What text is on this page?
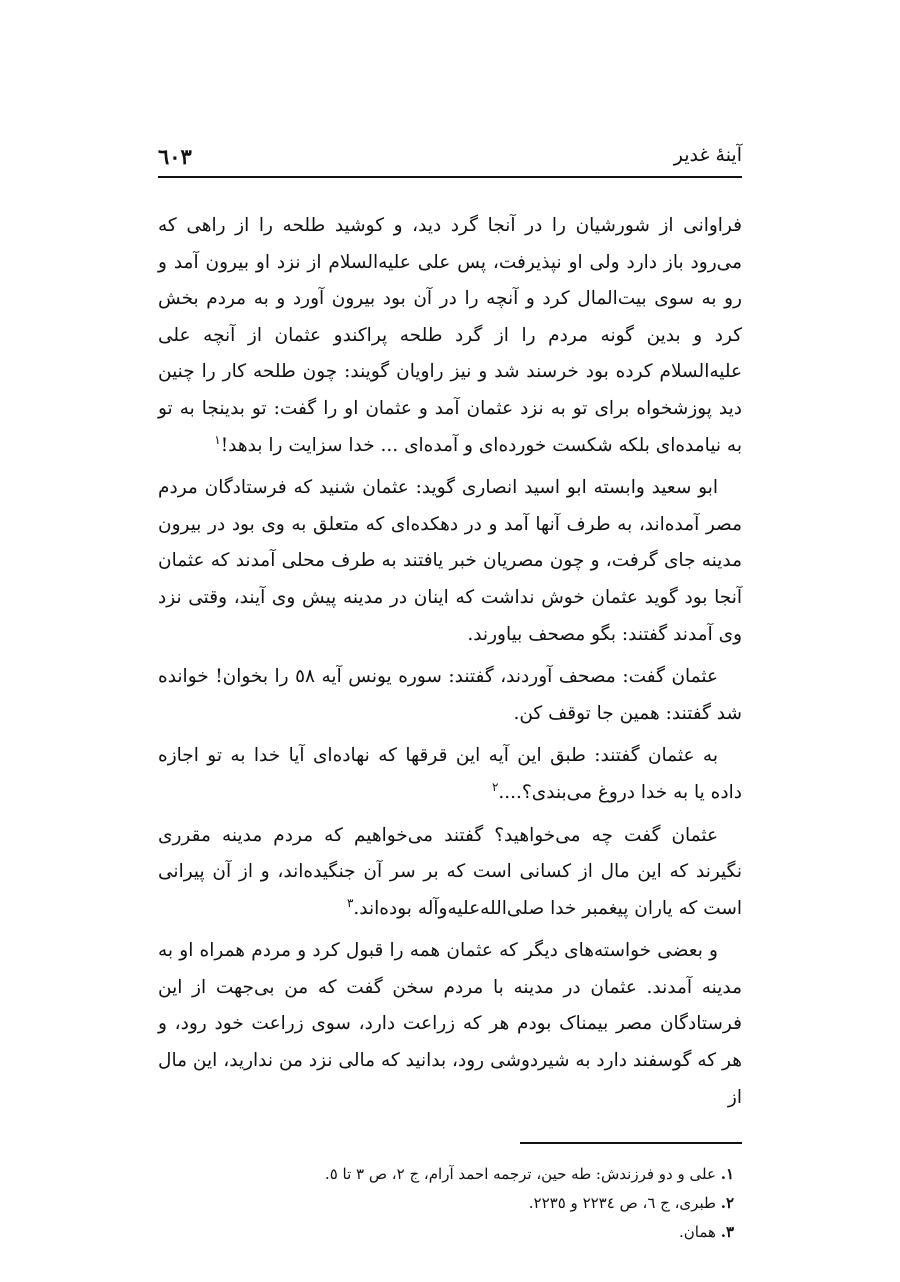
آینهٔ غدیر
٦٠٣

فراوانی از شورشیان را در آنجا گرد دید، و کوشید طلحه را از راهی که می‌رود باز دارد ولی او نپذیرفت، پس علی علیه‌السلام از نزد او بیرون آمد و رو به سوی بیت‌المال کرد و آنچه را در آن بود بیرون آورد و به مردم بخش کرد و بدین گونه مردم را از گرد طلحه پراکندو عثمان از آنچه علی علیه‌السلام کرده بود خرسند شد و نیز راویان گویند: چون طلحه کار را چنین دید پوزشخواه برای تو به نزد عثمان آمد و عثمان او را گفت: تو بدینجا به تو به نیامده‌ای بلکه شکست خورده‌ای و آمده‌ای ... خدا سزایت را بدهد!$^١$

ابو سعید وابسته ابو اسید انصاری گوید: عثمان شنید که فرستادگان مردم مصر آمده‌اند، به طرف آنها آمد و در دهکده‌ای که متعلق به وی بود در بیرون مدینه جای گرفت، و چون مصریان خبر یافتند به طرف محلی آمدند که عثمان آنجا بود گوید عثمان خوش نداشت که اینان در مدینه پیش وی آیند، وقتی نزد وی آمدند گفتند: بگو مصحف بیاورند.

عثمان گفت: مصحف آوردند، گفتند: سوره یونس آیه ٥٨ را بخوان! خوانده شد گفتند: همین جا توقف کن.

به عثمان گفتند: طبق این آیه این قرقها که نهاده‌ای آیا خدا به تو اجازه داده یا به خدا دروغ می‌بندی؟....$^٢$

عثمان گفت چه می‌خواهید؟ گفتند می‌خواهیم که مردم مدینه مقرری نگیرند که این مال از کسانی است که بر سر آن جنگیده‌اند، و از آن پیرانی است که یاران پیغمبر خدا صلی‌الله‌علیه‌وآله بوده‌اند.$^٣$

و بعضی خواسته‌های دیگر که عثمان همه را قبول کرد و مردم همراه او به مدینه آمدند. عثمان در مدینه با مردم سخن گفت که من بی‌جهت از این فرستادگان مصر بیمناک بودم هر که زراعت دارد، سوی زراعت خود رود، و هر که گوسفند دارد به شیردوشی رود، بدانید که مالی نزد من ندارید، این مال از

١. علی و دو فرزندش: طه حین، ترجمه احمد آرام، ج ٢، ص ٣ تا ٥.

٢. طبری، ج ٦، ص ٢٢٣٤ و ٢٢٣٥.

٣. همان.
